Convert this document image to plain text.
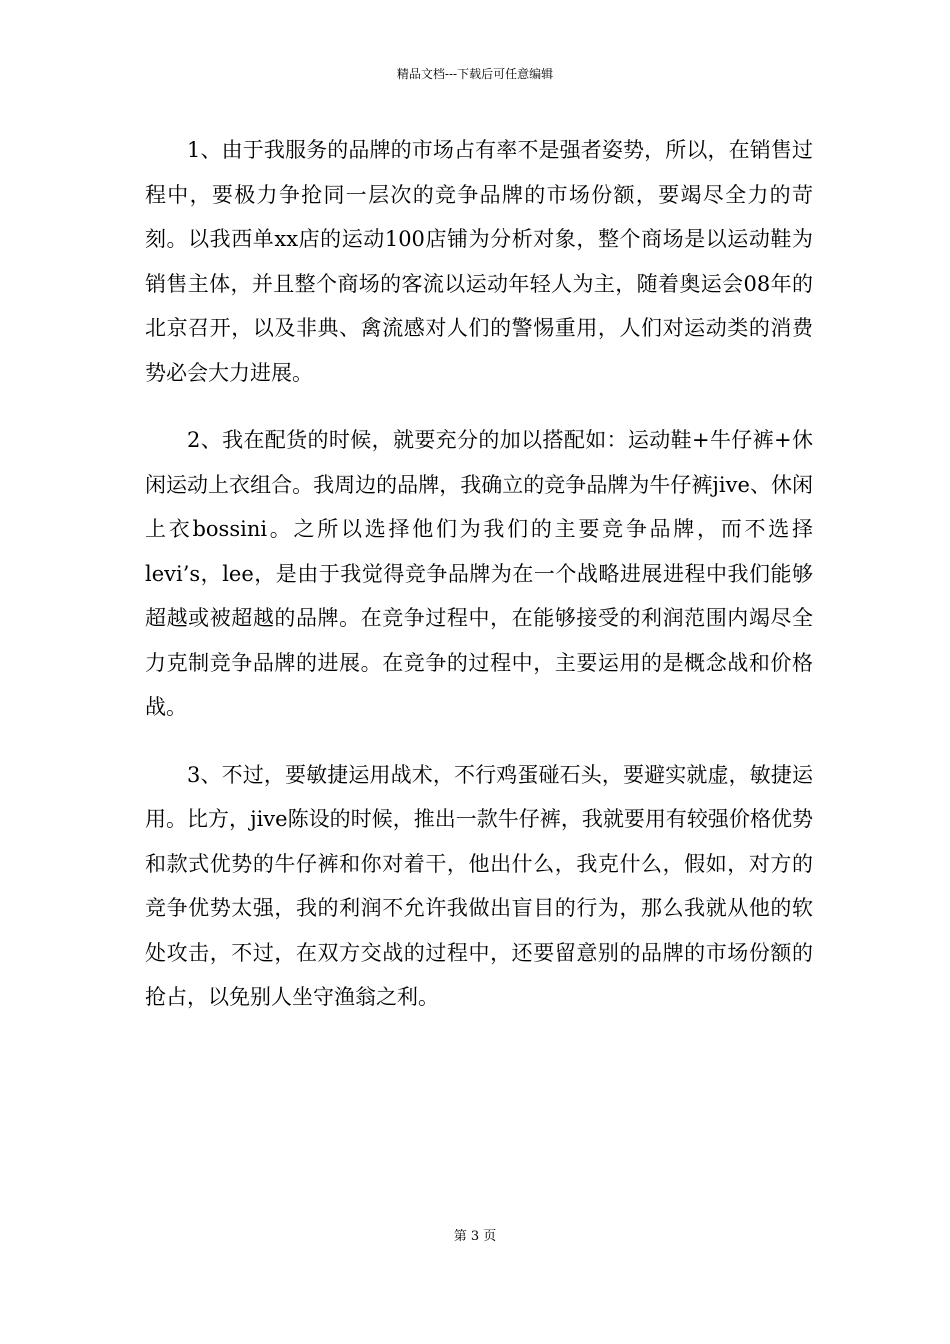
精品文档---下载后可任意编辑

1、由于我服务的品牌的市场占有率不是强者姿势，所以，在销售过程中，要极力争抢同一层次的竞争品牌的市场份额，要竭尽全力的苛刻。以我西单xx店的运动100店铺为分析对象，整个商场是以运动鞋为销售主体，并且整个商场的客流以运动年轻人为主，随着奥运会08年的北京召开，以及非典、禽流感对人们的警惕重用，人们对运动类的消费势必会大力进展。

2、我在配货的时候，就要充分的加以搭配如：运动鞋+牛仔裤+休闲运动上衣组合。我周边的品牌，我确立的竞争品牌为牛仔裤jive、休闲上衣bossini。之所以选择他们为我们的主要竞争品牌，而不选择levi’s，lee，是由于我觉得竞争品牌为在一个战略进展进程中我们能够超越或被超越的品牌。在竞争过程中，在能够接受的利润范围内竭尽全力克制竞争品牌的进展。在竞争的过程中，主要运用的是概念战和价格战。

3、不过，要敏捷运用战术，不行鸡蛋碰石头，要避实就虚，敏捷运用。比方，jive陈设的时候，推出一款牛仔裤，我就要用有较强价格优势和款式优势的牛仔裤和你对着干，他出什么，我克什么，假如，对方的竞争优势太强，我的利润不允许我做出盲目的行为，那么我就从他的软处攻击，不过，在双方交战的过程中，还要留意别的品牌的市场份额的抢占，以免别人坐守渔翁之利。

第 3 页
